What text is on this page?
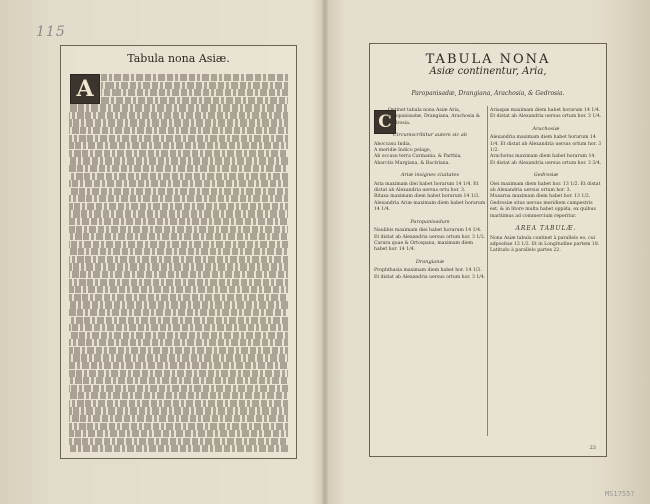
115
Tabula nona Asiæ.
A
TABULA NONA
Asiæ continentur, Aria,
Paropanisadæ, Drangiana, Arachosia, & Gedrosia.
C
Ontinet tabula nona Asiæ Aria, Paropanisadæ, Drangiana, Arachosia & Gedrosia.
Circumscribitur autem sic ab
Aboccasu India,
A meridie Indico pelago,
Ab occasu terra Carmania, & Parthia,
Abarctis Margiana, & Bactriana.
Ariæ insignes ciuitates
Aria maximam diei habet horarum 14 1/4. Et distat ab Alexandria uersus ortu hor. 3.
Bitaxa maximam diem habet horarum 14 1/3.
Alexandria Ariæ maximam diem habet horarum 14 1/4.
Paropanisadum
Naulibis maximam diei habet horarum 14 1/4. Et distat ab Alexandria uersus ortum hor. 3 1/2.
Carura quae & Ortospana, maximam diem habet hor. 14 1/4.
Drangianæ
Prophthasia maximam diem habet hor. 14 1/3. Et distat ab Alexandria uersus ortum hor. 3 1/4.
Ariaspæ maximam diem habet horarum 14 1/4. Et distat ab Alexandria uersus ortum hor. 3 1/4.
Arachosiæ
Alexandria maximam diem habet horarum 14 1/4. Et distat ab Alexandria uersus ortum hor. 3 1/2.
Arachotus maximam diem habet horarum 14. Et distat ab Alexandria uersus ortum hor. 3 3/4.
Gedrosiæ
Oiei maximam diem habet hor. 13 1/2. Et distat ab Alexandria uersus ortum hor. 3.
Musarna maximam diem habet hor. 13 1/2.
Gedrosiæ situs uersus meridiem campestris est, & in litore multa habet oppida, ex quibus maritimus ad commercium reperitur.
AREA TABULÆ.
Nona Asiæ tabula continet à parallelo eo, cui adpositae 13 1/2. Et in Longitudine partem 18. Latitudo à parallelo partes 22.
23
MS1755?
